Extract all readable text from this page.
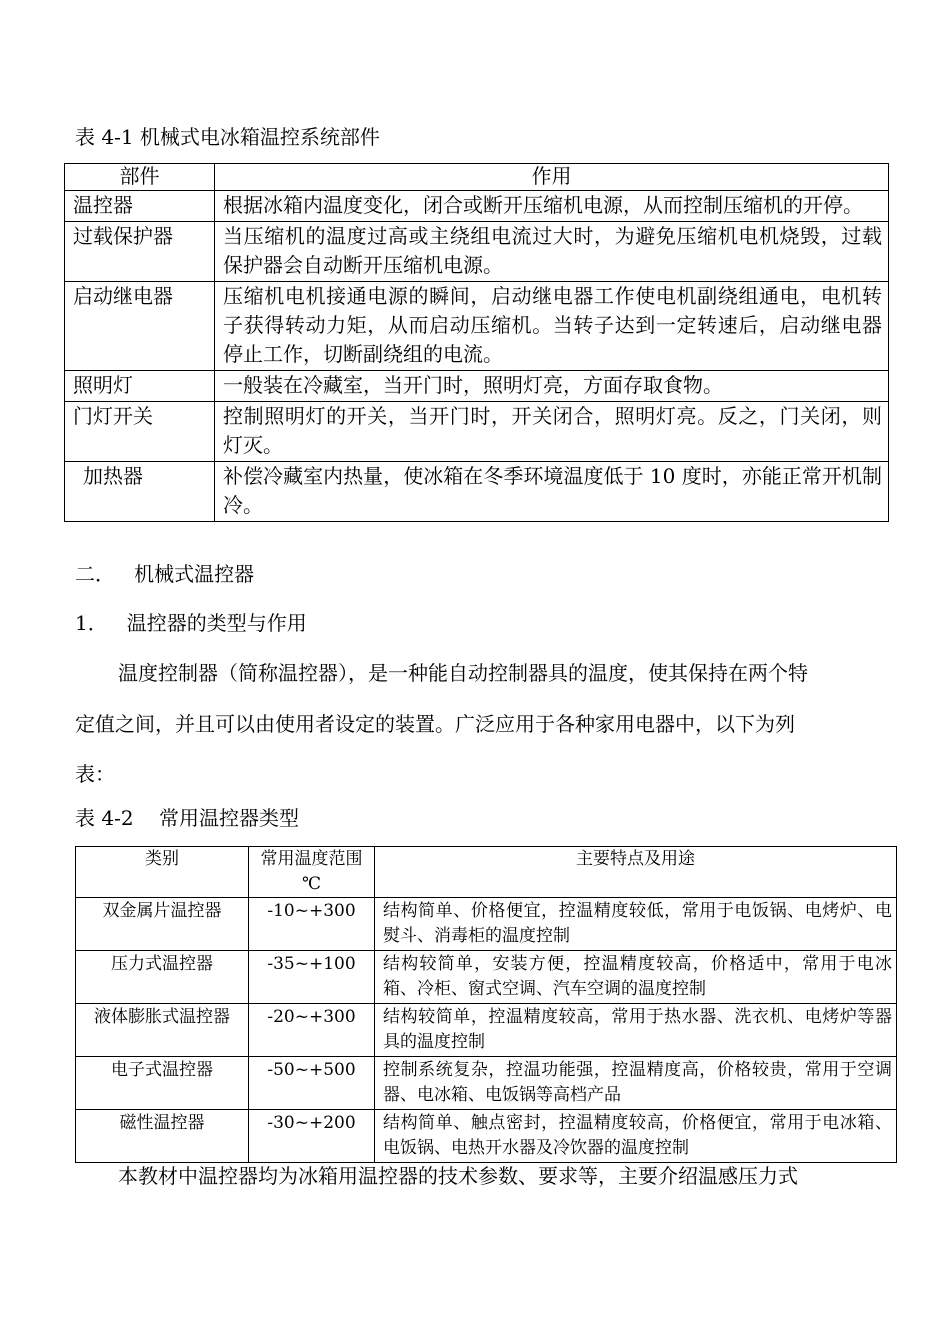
表 4-1 机械式电冰箱温控系统部件
部件	作用
温控器	根据冰箱内温度变化，闭合或断开压缩机电源，从而控制压缩机的开停。
过载保护器	当压缩机的温度过高或主绕组电流过大时，为避免压缩机电机烧毁，过载保护器会自动断开压缩机电源。
启动继电器	压缩机电机接通电源的瞬间，启动继电器工作使电机副绕组通电，电机转子获得转动力矩，从而启动压缩机。当转子达到一定转速后，启动继电器停止工作，切断副绕组的电流。
照明灯	一般装在冷藏室，当开门时，照明灯亮，方面存取食物。
门灯开关	控制照明灯的开关，当开门时，开关闭合，照明灯亮。反之，门关闭，则灯灭。
加热器	补偿冷藏室内热量，使冰箱在冬季环境温度低于 10 度时，亦能正常开机制冷。
二．   机械式温控器
1．   温控器的类型与作用
温度控制器（简称温控器），是一种能自动控制器具的温度，使其保持在两个特
定值之间，并且可以由使用者设定的装置。广泛应用于各种家用电器中，以下为列
表：
表 4-2    常用温控器类型
类别	常用温度范围 ℃	主要特点及用途
双金属片温控器	-10~+300	结构简单、价格便宜，控温精度较低，常用于电饭锅、电烤炉、电熨斗、消毒柜的温度控制
压力式温控器	-35~+100	结构较简单，安装方便，控温精度较高，价格适中，常用于电冰箱、冷柜、窗式空调、汽车空调的温度控制
液体膨胀式温控器	-20~+300	结构较简单，控温精度较高，常用于热水器、洗衣机、电烤炉等器具的温度控制
电子式温控器	-50~+500	控制系统复杂，控温功能强，控温精度高，价格较贵，常用于空调器、电冰箱、电饭锅等高档产品
磁性温控器	-30~+200	结构简单、触点密封，控温精度较高，价格便宜，常用于电冰箱、电饭锅、电热开水器及冷饮器的温度控制
本教材中温控器均为冰箱用温控器的技术参数、要求等，主要介绍温感压力式
